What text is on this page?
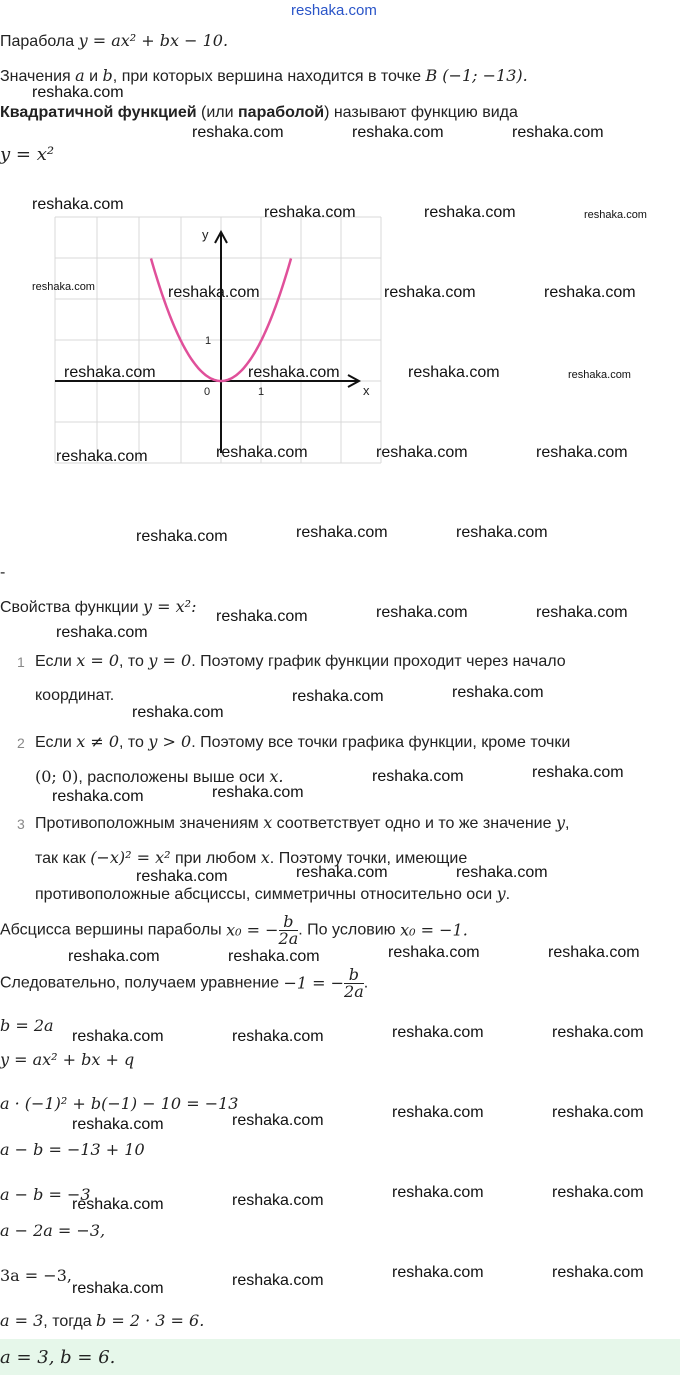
reshaka.com
Парабола y = ax² + bx − 10.
Значения a и b, при которых вершина находится в точке B (−1; −13).
Квадратичной функцией (или параболой) называют функцию вида
y = x²
y
x
0	1
1
-
Свойства функции y = x²:
1 Если x = 0, то y = 0. Поэтому график функции проходит через начало
координат.
2 Если x ≠ 0, то y > 0. Поэтому все точки графика функции, кроме точки
(0; 0), расположены выше оси x.
3 Противоположным значениям x соответствует одно и то же значение y,
так как (−x)² = x² при любом x. Поэтому точки, имеющие
противоположные абсциссы, симметричны относительно оси y.
Абсцисса вершины параболы x₀ = − $\frac{b}{2a}$ . По условию x₀ = −1.
Следовательно, получаем уравнение −1 = − $\frac{b}{2a}$ .
b = 2a
y = ax² + bx + q
a · (−1)² + b(−1) − 10 = −13
a − b = −13 + 10
a − b = −3
a − 2a = −3,
3a = −3,
a = 3, тогда b = 2 · 3 = 6.
a = 3, b = 6.
reshaka.com
reshaka.com	reshaka.com	reshaka.com
reshaka.com	reshaka.com	reshaka.com	reshaka.com
reshaka.com	reshaka.com	reshaka.com	reshaka.com
reshaka.com	reshaka.com	reshaka.com	reshaka.com
reshaka.com	reshaka.com	reshaka.com	reshaka.com
reshaka.com	reshaka.com	reshaka.com
reshaka.com	reshaka.com	reshaka.com
reshaka.com
reshaka.com	reshaka.com
reshaka.com
reshaka.com	reshaka.com
reshaka.com
reshaka.com
reshaka.com	reshaka.com
reshaka.com
reshaka.com	reshaka.com
reshaka.com	reshaka.com
reshaka.com	reshaka.com
reshaka.com	reshaka.com
reshaka.com	reshaka.com
reshaka.com
reshaka.com
reshaka.com	reshaka.com
reshaka.com
reshaka.com
reshaka.com	reshaka.com
reshaka.com
reshaka.com
